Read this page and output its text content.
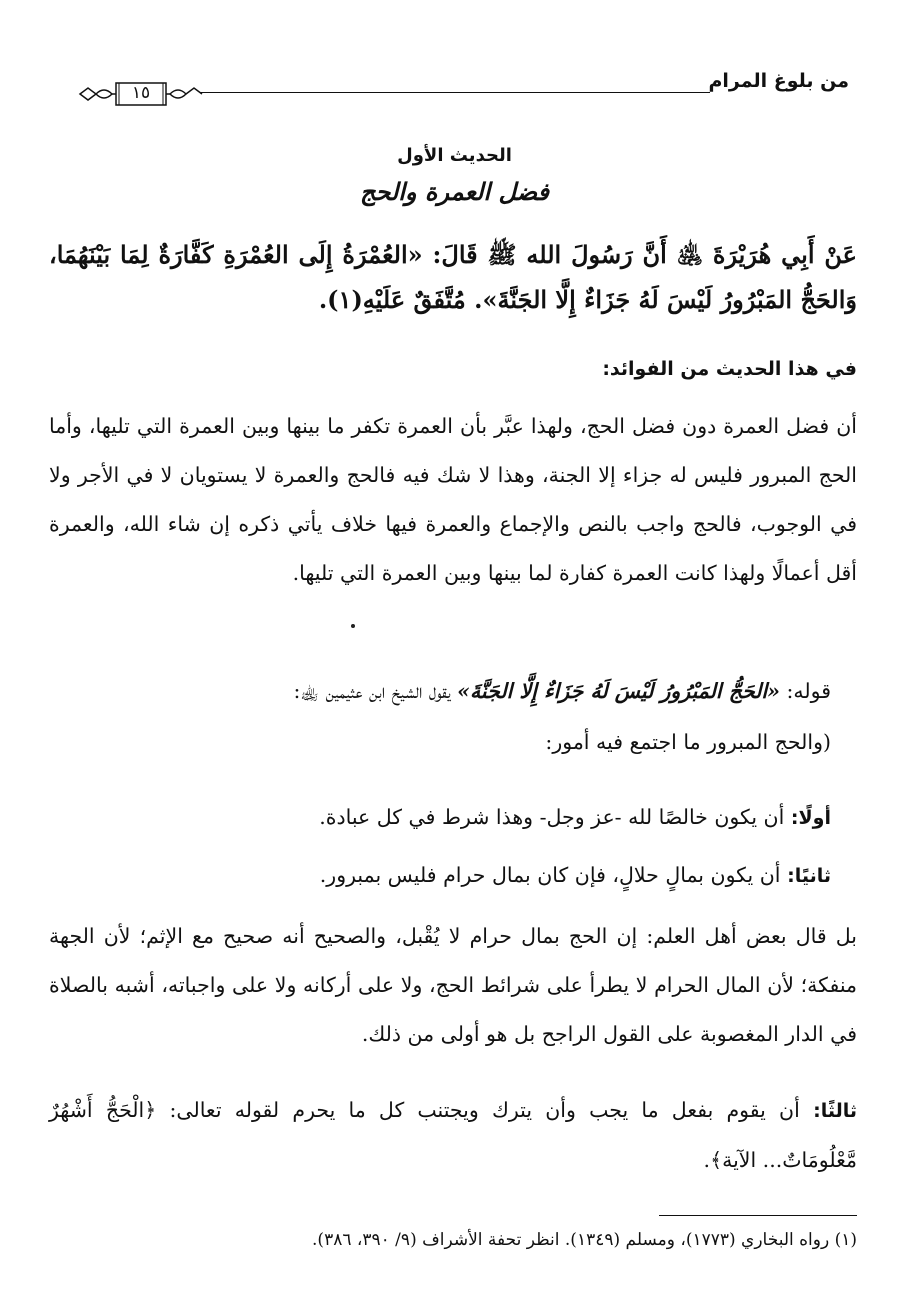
من بلوغ المرام
١٥
الحديث الأول
فضل العمرة والحج
عَنْ أَبِي هُرَيْرَةَ ﵁ أَنَّ رَسُولَ الله ﷺ قَالَ: «العُمْرَةُ إِلَى العُمْرَةِ كَفَّارَةٌ لِمَا بَيْنَهُمَا، وَالحَجُّ المَبْرُورُ لَيْسَ لَهُ جَزَاءٌ إِلَّا الجَنَّةَ». مُتَّفَقٌ عَلَيْهِ(١).
في هذا الحديث من الفوائد:
أن فضل العمرة دون فضل الحج، ولهذا عبَّر بأن العمرة تكفر ما بينها وبين العمرة التي تليها، وأما الحج المبرور فليس له جزاء إلا الجنة، وهذا لا شك فيه فالحج والعمرة لا يستويان لا في الأجر ولا في الوجوب، فالحج واجب بالنص والإجماع والعمرة فيها خلاف يأتي ذكره إن شاء الله، والعمرة أقل أعمالًا ولهذا كانت العمرة كفارة لما بينها وبين العمرة التي تليها.
قوله: «الحَجُّ المَبْرُورُ لَيْسَ لَهُ جَزَاءٌ إِلَّا الجَنَّةَ» يقول الشيخ ابن عثيمين ﵀:
(والحج المبرور ما اجتمع فيه أمور:
أولًا: أن يكون خالصًا لله -عز وجل- وهذا شرط في كل عبادة.
ثانيًا: أن يكون بمالٍ حلالٍ، فإن كان بمال حرام فليس بمبرور.
بل قال بعض أهل العلم: إن الحج بمال حرام لا يُقْبل، والصحيح أنه صحيح مع الإثم؛ لأن الجهة منفكة؛ لأن المال الحرام لا يطرأ على شرائط الحج، ولا على أركانه ولا على واجباته، أشبه بالصلاة في الدار المغصوبة على القول الراجح بل هو أولى من ذلك.
ثالثًا: أن يقوم بفعل ما يجب وأن يترك ويجتنب كل ما يحرم لقوله تعالى: ﴿الْحَجُّ أَشْهُرٌ مَّعْلُومَاتٌ... الآية﴾.
(١) رواه البخاري (١٧٧٣)، ومسلم (١٣٤٩). انظر تحفة الأشراف (٩/ ٣٩٠، ٣٨٦).
